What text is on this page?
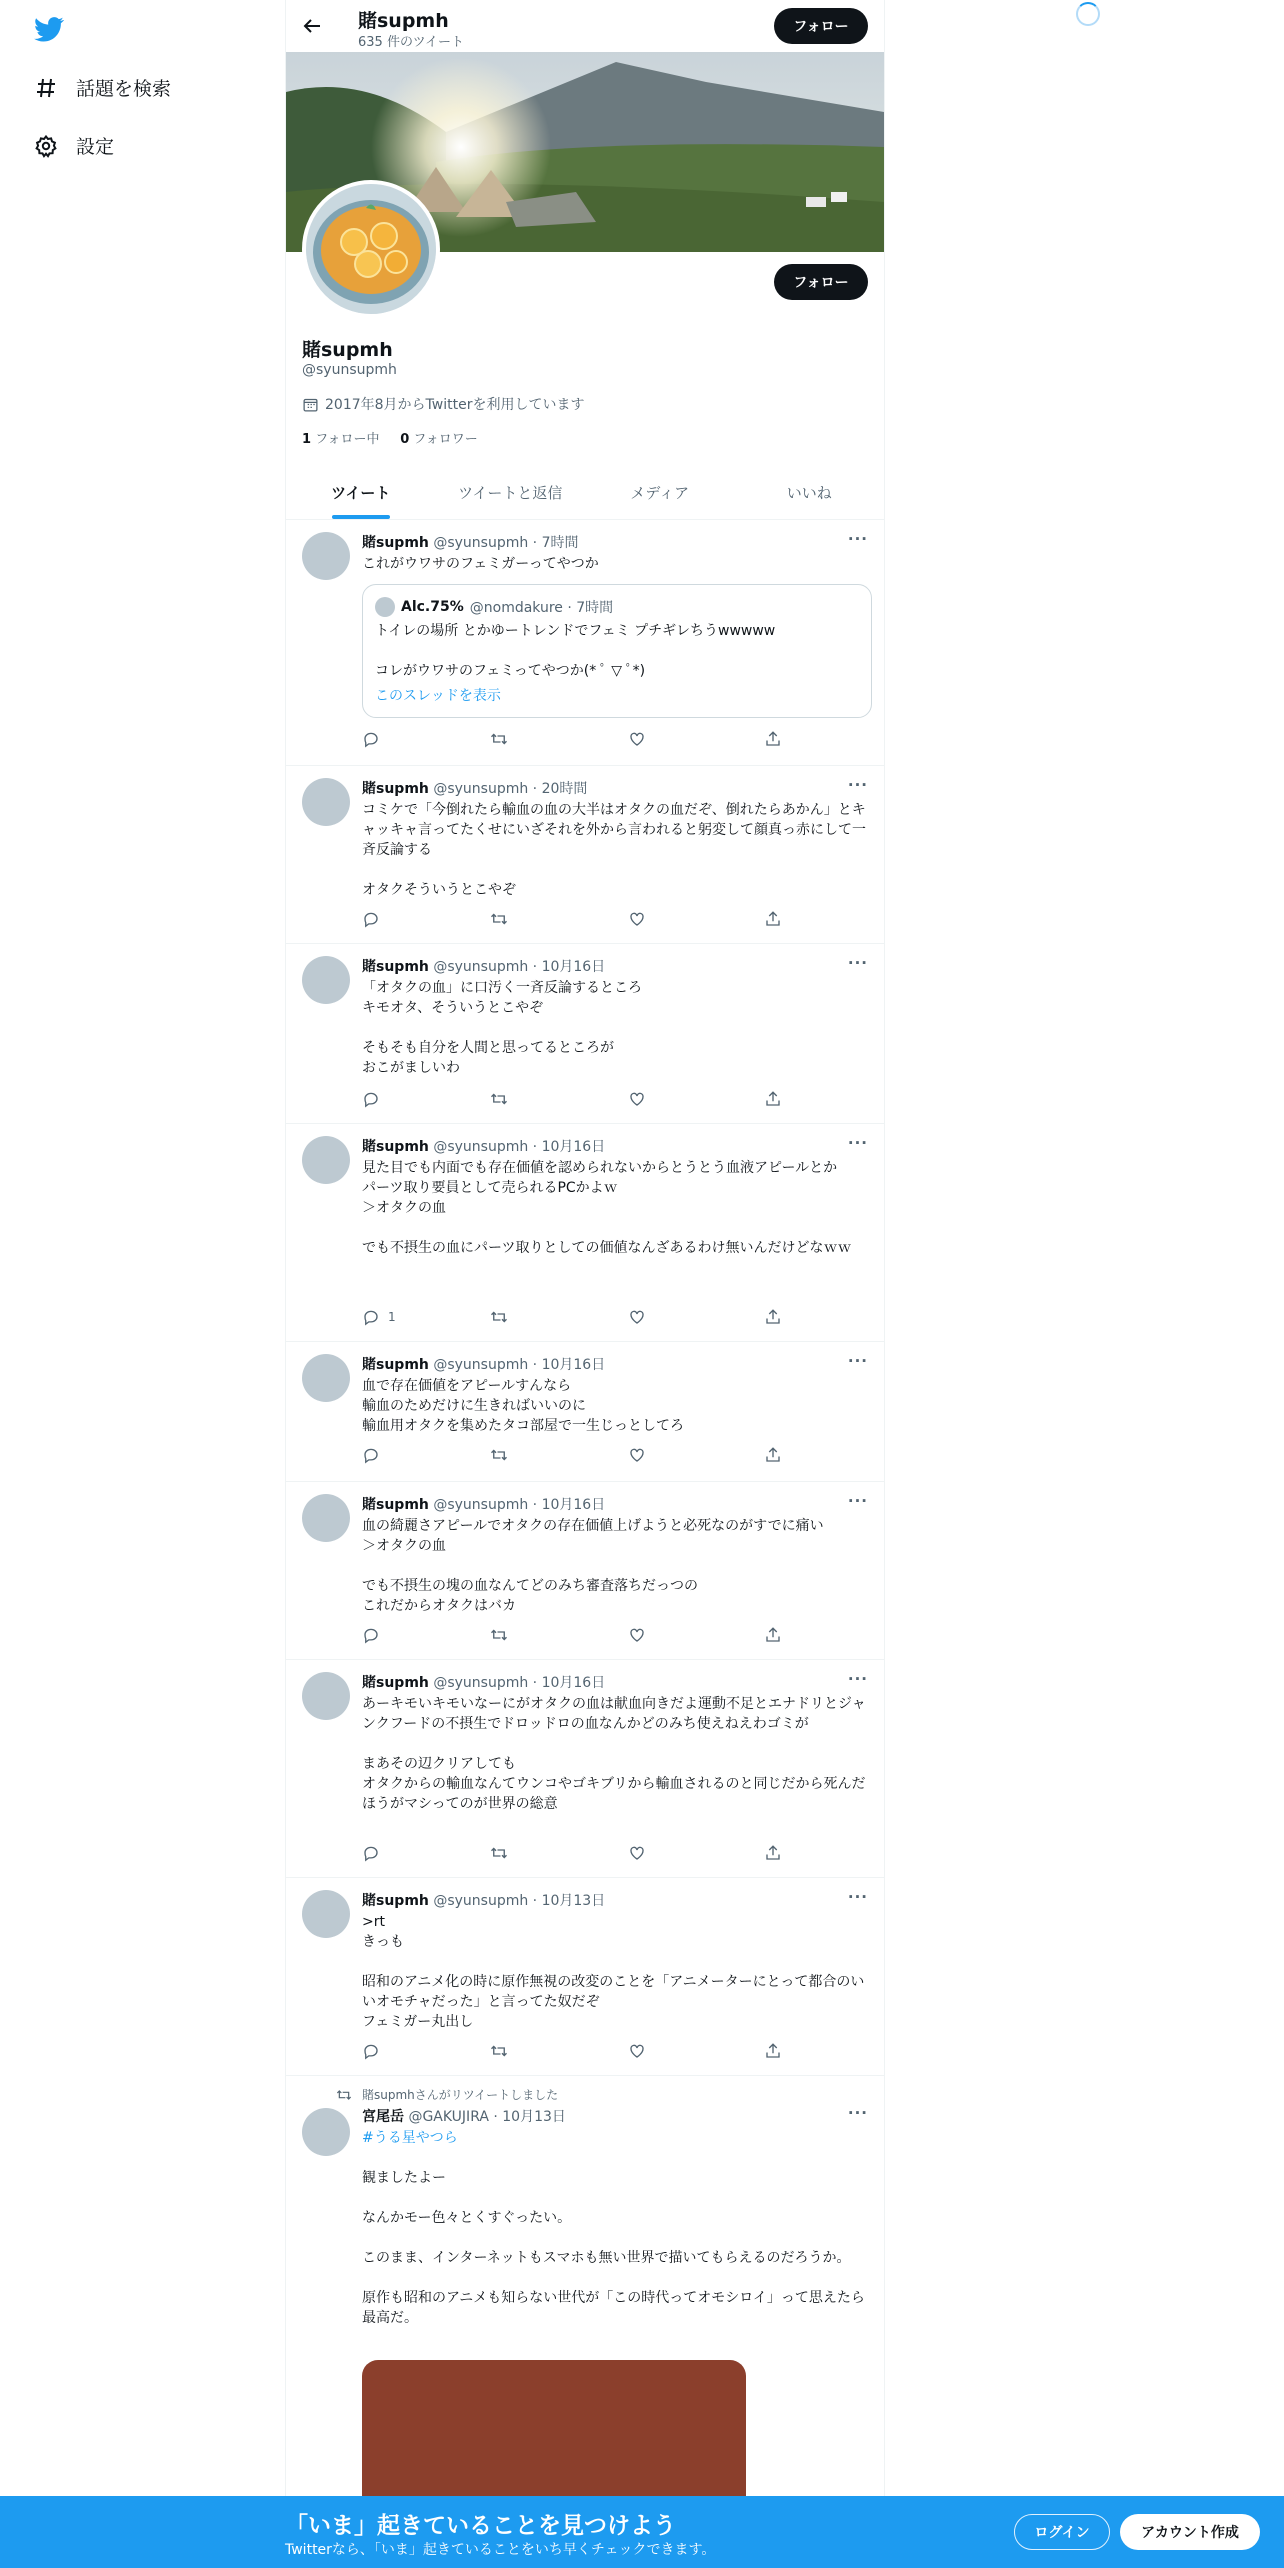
話題を検索
設定
賭supmh
635 件のツイート
フォロー
フォロー
賭supmh
@syunsupmh
2017年8月からTwitterを利用しています
1 フォロー中 0 フォロワー
ツイート	ツイートと返信	メディア	いいね
賭supmh @syunsupmh · 7時間	···
これがウワサのフェミガーってやつか
Alc.75% @nomdakure · 7時間
トイレの場所 とかゆートレンドでフェミ プチギレちうwwwww

コレがウワサのフェミってやつか(* ﾟ ▽ ﾟ*)
このスレッドを表示
賭supmh @syunsupmh · 20時間	···
コミケで「今倒れたら輸血の血の大半はオタクの血だぞ、倒れたらあかん」とキャッキャ言ってたくせにいざそれを外から言われると躬変して顔真っ赤にして一斉反論する

オタクそういうとこやぞ
賭supmh @syunsupmh · 10月16日	···
「オタクの血」に口汚く一斉反論するところ
キモオタ、そういうとこやぞ

そもそも自分を人間と思ってるところが
おこがましいわ
賭supmh @syunsupmh · 10月16日	···
見た目でも内面でも存在価値を認められないからとうとう血液アピールとか
パーツ取り要員として売られるPCかよｗ
＞オタクの血

でも不摂生の血にパーツ取りとしての価値なんざあるわけ無いんだけどなｗｗ
1
賭supmh @syunsupmh · 10月16日	···
血で存在価値をアピールすんなら
輸血のためだけに生きればいいのに
輸血用オタクを集めたタコ部屋で一生じっとしてろ
賭supmh @syunsupmh · 10月16日	···
血の綺麗さアピールでオタクの存在価値上げようと必死なのがすでに痛い
＞オタクの血

でも不摂生の塊の血なんてどのみち審査落ちだっつの
これだからオタクはバカ
賭supmh @syunsupmh · 10月16日	···
あーキモいキモいなーにがオタクの血は献血向きだよ運動不足とエナドリとジャンクフードの不摂生でドロッドロの血なんかどのみち使えねえわゴミが

まあその辺クリアしても
オタクからの輸血なんてウンコやゴキブリから輸血されるのと同じだから死んだほうがマシってのが世界の総意
賭supmh @syunsupmh · 10月13日	···
>rt
きっも

昭和のアニメ化の時に原作無視の改変のことを「アニメーターにとって都合のいいオモチャだった」と言ってた奴だぞ
フェミガー丸出し
賭supmhさんがリツイートしました
宮尾岳 @GAKUJIRA · 10月13日	···
#うる星やつら
観ましたよー

なんかモー色々とくすぐったい。

このまま、インターネットもスマホも無い世界で描いてもらえるのだろうか。

原作も昭和のアニメも知らない世代が「この時代ってオモシロイ」って思えたら最高だ。
「いま」起きていることを見つけよう
Twitterなら、「いま」起きていることをいち早くチェックできます。
ログイン	アカウント作成
